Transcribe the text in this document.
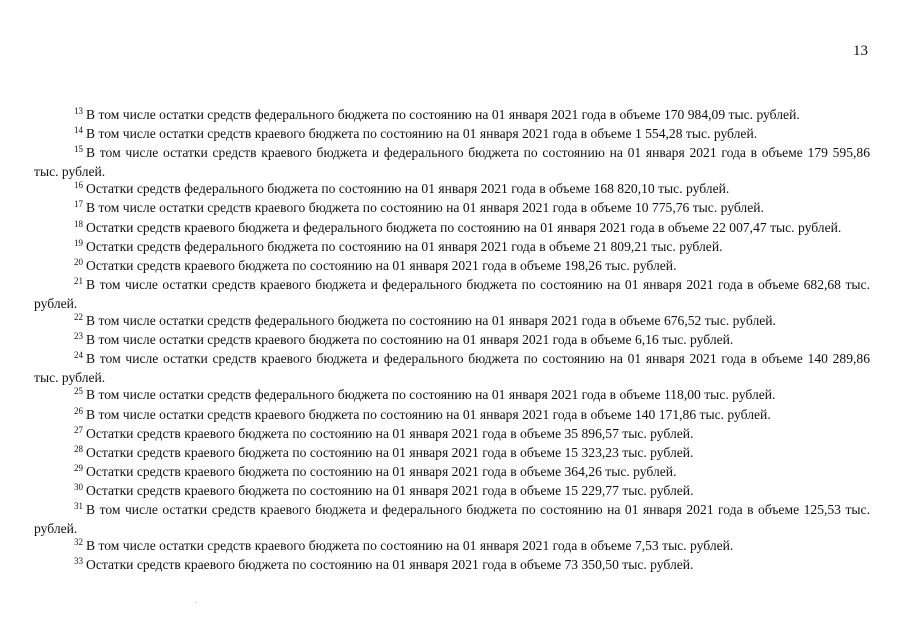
13

$^{13}$ В том числе остатки средств федерального бюджета по состоянию на 01 января 2021 года в объеме 170 984,09 тыс. рублей.

$^{14}$ В том числе остатки средств краевого бюджета по состоянию на 01 января 2021 года в объеме 1 554,28 тыс. рублей.

$^{15}$ В том числе остатки средств краевого бюджета и федерального бюджета по состоянию на 01 января 2021 года в объеме 179 595,86 тыс. рублей.

$^{16}$ Остатки средств федерального бюджета по состоянию на 01 января 2021 года в объеме 168 820,10 тыс. рублей.

$^{17}$ В том числе остатки средств краевого бюджета по состоянию на 01 января 2021 года в объеме 10 775,76 тыс. рублей.

$^{18}$ Остатки средств краевого бюджета и федерального бюджета по состоянию на 01 января 2021 года в объеме 22 007,47 тыс. рублей.

$^{19}$ Остатки средств федерального бюджета по состоянию на 01 января 2021 года в объеме 21 809,21 тыс. рублей.

$^{20}$ Остатки средств краевого бюджета по состоянию на 01 января 2021 года в объеме 198,26 тыс. рублей.

$^{21}$ В том числе остатки средств краевого бюджета и федерального бюджета по состоянию на 01 января 2021 года в объеме 682,68 тыс. рублей.

$^{22}$ В том числе остатки средств федерального бюджета по состоянию на 01 января 2021 года в объеме 676,52 тыс. рублей.

$^{23}$ В том числе остатки средств краевого бюджета по состоянию на 01 января 2021 года в объеме 6,16 тыс. рублей.

$^{24}$ В том числе остатки средств краевого бюджета и федерального бюджета по состоянию на 01 января 2021 года в объеме 140 289,86 тыс. рублей.

$^{25}$ В том числе остатки средств федерального бюджета по состоянию на 01 января 2021 года в объеме 118,00 тыс. рублей.

$^{26}$ В том числе остатки средств краевого бюджета по состоянию на 01 января 2021 года в объеме 140 171,86 тыс. рублей.

$^{27}$ Остатки средств краевого бюджета по состоянию на 01 января 2021 года в объеме 35 896,57 тыс. рублей.

$^{28}$ Остатки средств краевого бюджета по состоянию на 01 января 2021 года в объеме 15 323,23 тыс. рублей.

$^{29}$ Остатки средств краевого бюджета по состоянию на 01 января 2021 года в объеме 364,26 тыс. рублей.

$^{30}$ Остатки средств краевого бюджета по состоянию на 01 января 2021 года в объеме 15 229,77 тыс. рублей.

$^{31}$ В том числе остатки средств краевого бюджета и федерального бюджета по состоянию на 01 января 2021 года в объеме 125,53 тыс. рублей.

$^{32}$ В том числе остатки средств краевого бюджета по состоянию на 01 января 2021 года в объеме 7,53 тыс. рублей.

$^{33}$ Остатки средств краевого бюджета по состоянию на 01 января 2021 года в объеме 73 350,50 тыс. рублей.
